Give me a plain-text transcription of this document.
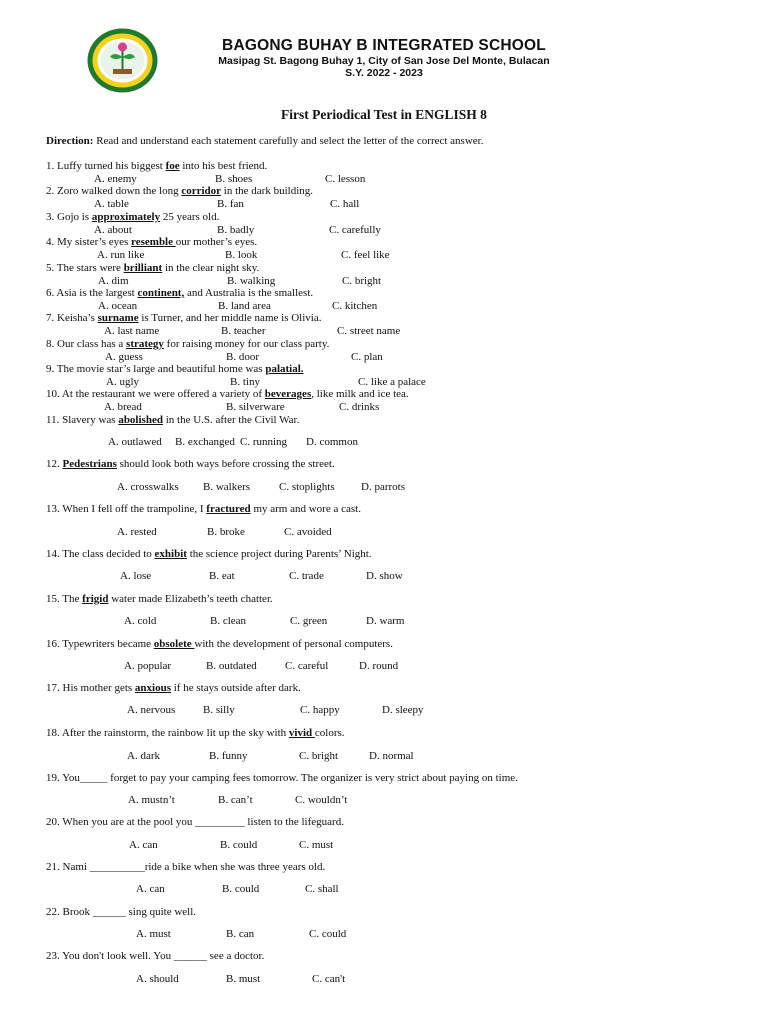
BAGONG BUHAY B INTEGRATED SCHOOL
Masipag St. Bagong Buhay 1, City of San Jose Del Monte, Bulacan
S.Y. 2022 - 2023
First Periodical Test in ENGLISH 8
Direction: Read and understand each statement carefully and select the letter of the correct answer.
1. Luffy turned his biggest foe into his best friend.
A. enemy	B. shoes	C. lesson
2. Zoro walked down the long corridor in the dark building.
A. table	B. fan	C. hall
3. Gojo is approximately 25 years old.
A. about	B. badly	C. carefully
4. My sister’s eyes resemble our mother’s eyes.
A. run like	B. look	C. feel like
5. The stars were brilliant in the clear night sky.
A. dim	B. walking	C. bright
6. Asia is the largest continent, and Australia is the smallest.
A. ocean	B. land area	C. kitchen
7. Keisha’s surname is Turner, and her middle name is Olivia.
A. last name	B. teacher	C. street name
8. Our class has a strategy for raising money for our class party.
A. guess	B. door	C. plan
9. The movie star’s large and beautiful home was palatial.
A. ugly	B. tiny	C. like a palace
10. At the restaurant we were offered a variety of beverages, like milk and ice tea.
A. bread	B. silverware	C. drinks
11. Slavery was abolished in the U.S. after the Civil War.
A. outlawed B. exchanged C. running D. common
12. Pedestrians should look both ways before crossing the street.
A. crosswalks B. walkers	C. stoplights D. parrots
13. When I fell off the trampoline, I fractured my arm and wore a cast.
A. rested	B. broke	C. avoided
14. The class decided to exhibit the science project during Parents’ Night.
A. lose	B. eat	C. trade	D. show
15. The frigid water made Elizabeth’s teeth chatter.
A. cold	B. clean	C. green	D. warm
16. Typewriters became obsolete with the development of personal computers.
A. popular	B. outdated	C. careful	D. round
17. His mother gets anxious if he stays outside after dark.
A. nervous	B. silly	C. happy	D. sleepy
18. After the rainstorm, the rainbow lit up the sky with vivid colors.
A. dark	B. funny	C. bright	D. normal
19. You_____ forget to pay your camping fees tomorrow. The organizer is very strict about paying on time.
A. mustn’t	B. can’t	C. wouldn’t
20. When you are at the pool you _________ listen to the lifeguard.
A. can	B. could	C. must
21. Nami __________ride a bike when she was three years old.
A. can	B. could	C. shall
22. Brook ______ sing quite well.
A. must	B. can	C. could
23. You don't look well. You ______ see a doctor.
A. should	B. must	C. can't
